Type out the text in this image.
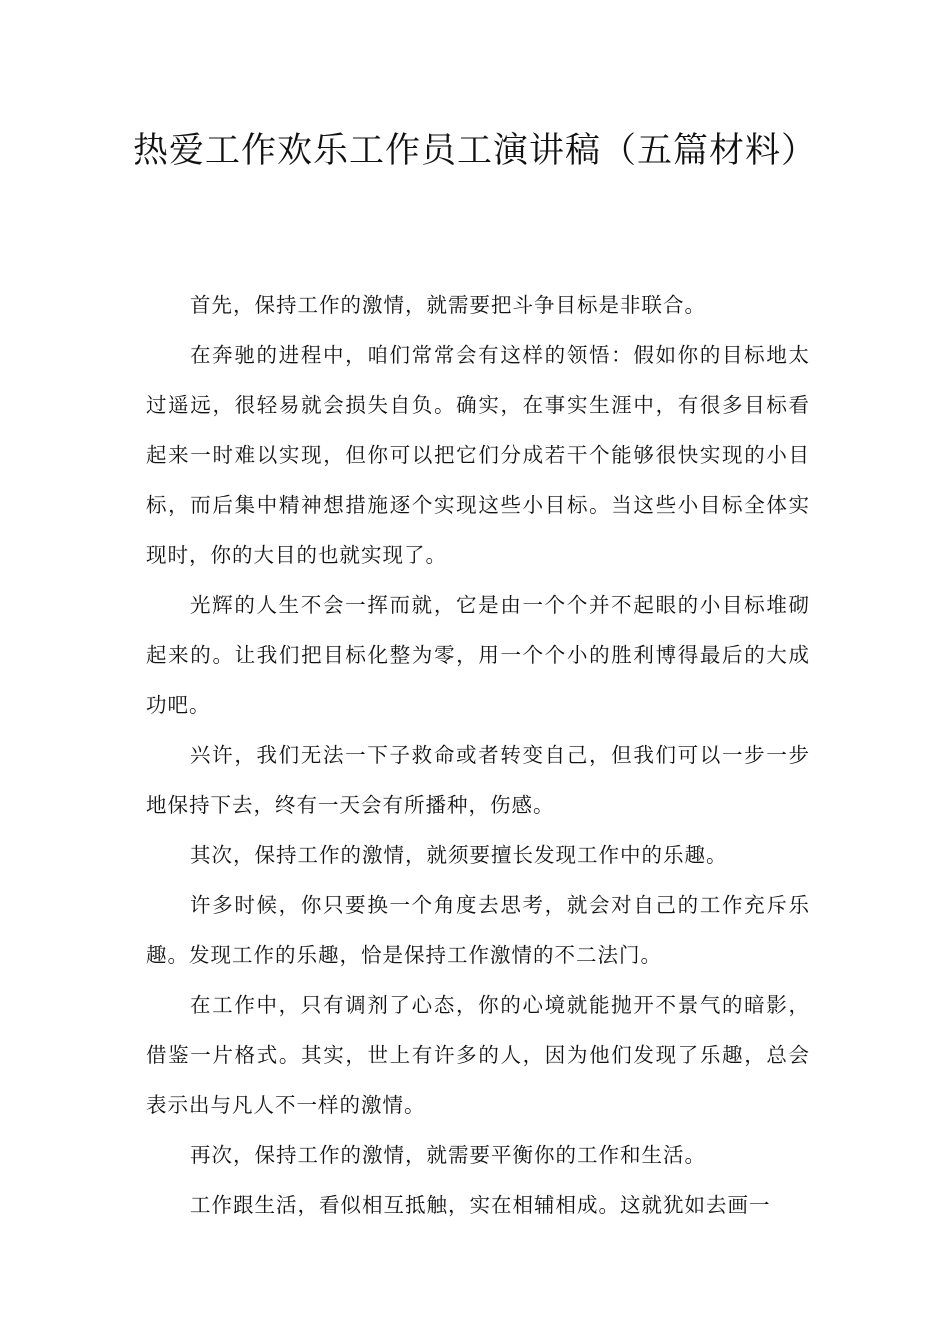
热爱工作欢乐工作员工演讲稿（五篇材料）

首先，保持工作的激情，就需要把斗争目标是非联合。

在奔驰的进程中，咱们常常会有这样的领悟：假如你的目标地太过遥远，很轻易就会损失自负。确实，在事实生涯中，有很多目标看起来一时难以实现，但你可以把它们分成若干个能够很快实现的小目标，而后集中精神想措施逐个实现这些小目标。当这些小目标全体实现时，你的大目的也就实现了。

光辉的人生不会一挥而就，它是由一个个并不起眼的小目标堆砌起来的。让我们把目标化整为零，用一个个小的胜利博得最后的大成功吧。

兴许，我们无法一下子救命或者转变自己，但我们可以一步一步地保持下去，终有一天会有所播种，伤感。

其次，保持工作的激情，就须要擅长发现工作中的乐趣。

许多时候，你只要换一个角度去思考，就会对自己的工作充斥乐趣。发现工作的乐趣，恰是保持工作激情的不二法门。

在工作中，只有调剂了心态，你的心境就能抛开不景气的暗影，借鉴一片格式。其实，世上有许多的人，因为他们发现了乐趣，总会表示出与凡人不一样的激情。

再次，保持工作的激情，就需要平衡你的工作和生活。

工作跟生活，看似相互抵触，实在相辅相成。这就犹如去画一
